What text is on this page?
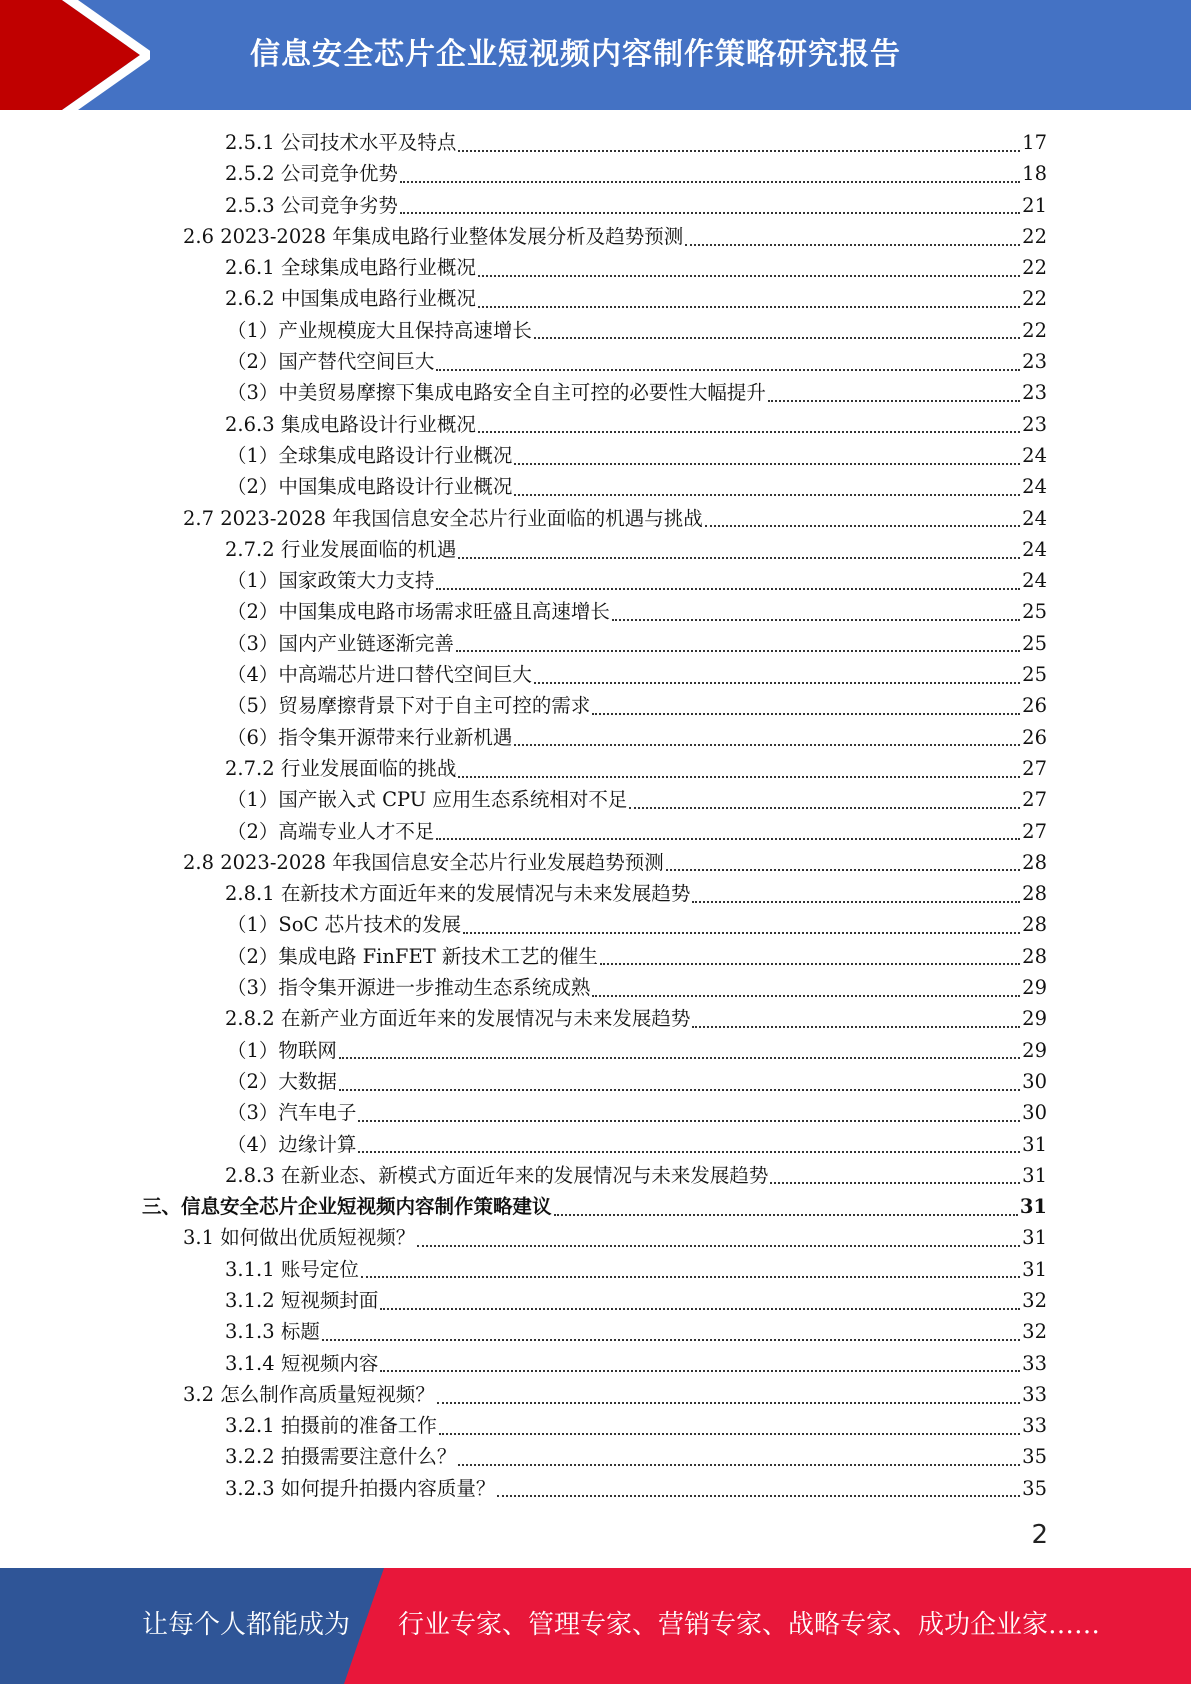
信息安全芯片企业短视频内容制作策略研究报告
2.5.1 公司技术水平及特点	17
2.5.2 公司竞争优势	18
2.5.3 公司竞争劣势	21
2.6 2023-2028 年集成电路行业整体发展分析及趋势预测	22
2.6.1 全球集成电路行业概况	22
2.6.2 中国集成电路行业概况	22
（1）产业规模庞大且保持高速增长	22
（2）国产替代空间巨大	23
（3）中美贸易摩擦下集成电路安全自主可控的必要性大幅提升	23
2.6.3 集成电路设计行业概况	23
（1）全球集成电路设计行业概况	24
（2）中国集成电路设计行业概况	24
2.7 2023-2028 年我国信息安全芯片行业面临的机遇与挑战	24
2.7.2 行业发展面临的机遇	24
（1）国家政策大力支持	24
（2）中国集成电路市场需求旺盛且高速增长	25
（3）国内产业链逐渐完善	25
（4）中高端芯片进口替代空间巨大	25
（5）贸易摩擦背景下对于自主可控的需求	26
（6）指令集开源带来行业新机遇	26
2.7.2 行业发展面临的挑战	27
（1）国产嵌入式 CPU 应用生态系统相对不足	27
（2）高端专业人才不足	27
2.8 2023-2028 年我国信息安全芯片行业发展趋势预测	28
2.8.1 在新技术方面近年来的发展情况与未来发展趋势	28
（1）SoC 芯片技术的发展	28
（2）集成电路 FinFET 新技术工艺的催生	28
（3）指令集开源进一步推动生态系统成熟	29
2.8.2 在新产业方面近年来的发展情况与未来发展趋势	29
（1）物联网	29
（2）大数据	30
（3）汽车电子	30
（4）边缘计算	31
2.8.3 在新业态、新模式方面近年来的发展情况与未来发展趋势	31
三、信息安全芯片企业短视频内容制作策略建议	31
3.1 如何做出优质短视频？	31
3.1.1 账号定位	31
3.1.2 短视频封面	32
3.1.3 标题	32
3.1.4 短视频内容	33
3.2 怎么制作高质量短视频？	33
3.2.1 拍摄前的准备工作	33
3.2.2 拍摄需要注意什么？	35
3.2.3 如何提升拍摄内容质量？	35
2
让每个人都能成为 行业专家、管理专家、营销专家、战略专家、成功企业家……
